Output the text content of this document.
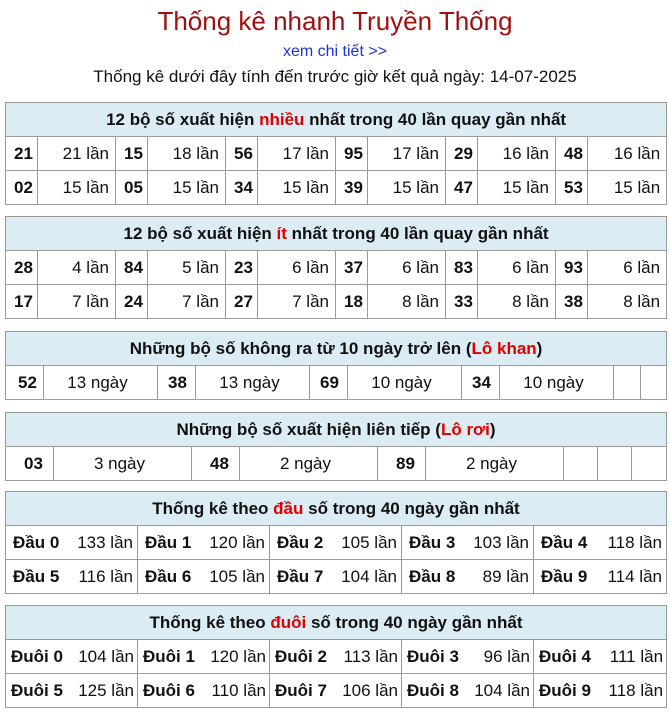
Thống kê nhanh Truyền Thống
xem chi tiết >>
Thống kê dưới đây tính đến trước giờ kết quả ngày: 14-07-2025
12 bộ số xuất hiện nhiều nhất trong 40 lần quay gần nhất											
21	21 lần	15	18 lần	56	17 lần	95	17 lần	29	16 lần	48	16 lần
02	15 lần	05	15 lần	34	15 lần	39	15 lần	47	15 lần	53	15 lần
12 bộ số xuất hiện ít nhất trong 40 lần quay gần nhất											
28	4 lần	84	5 lần	23	6 lần	37	6 lần	83	6 lần	93	6 lần
17	7 lần	24	7 lần	27	7 lần	18	8 lần	33	8 lần	38	8 lần
Những bộ số không ra từ 10 ngày trở lên (Lô khan)
52	13 ngày	38	13 ngày	69	10 ngày	34	10 ngày		
Những bộ số xuất hiện liên tiếp (Lô rơi)
03	3 ngày	48	2 ngày	89	2 ngày			
Thống kê theo đầu số trong 40 ngày gần nhất				
Đầu 0 133 lần	Đầu 1 120 lần	Đầu 2 105 lần	Đầu 3 103 lần	Đầu 4 118 lần

Đầu 5 116 lần	Đầu 6 105 lần	Đầu 7 104 lần	Đầu 8 89 lần	Đầu 9 114 lần
Thống kê theo đuôi số trong 40 ngày gần nhất				
Đuôi 0 104 lần	Đuôi 1 120 lần	Đuôi 2 113 lần	Đuôi 3 96 lần	Đuôi 4 111 lần

Đuôi 5 125 lần	Đuôi 6 110 lần	Đuôi 7 106 lần	Đuôi 8 104 lần	Đuôi 9 118 lần
